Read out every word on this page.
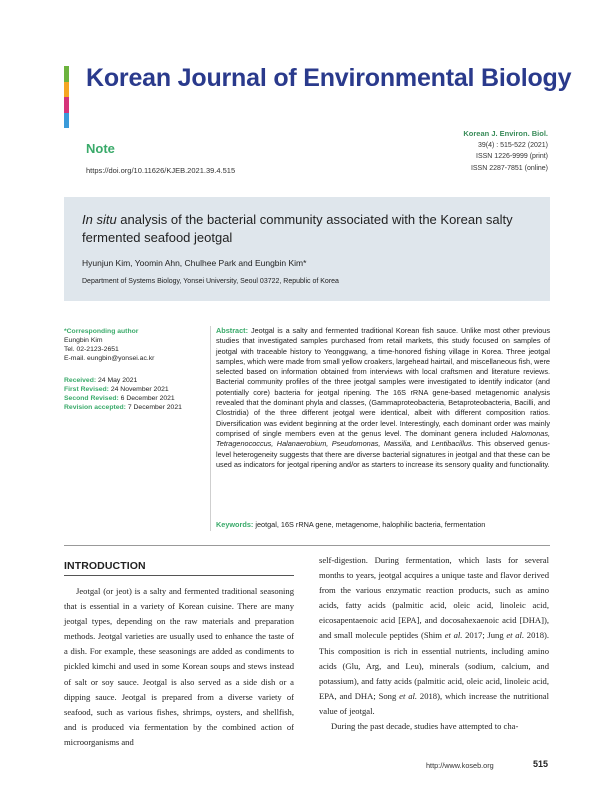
Korean Journal of Environmental Biology
Note
https://doi.org/10.11626/KJEB.2021.39.4.515
Korean J. Environ. Biol.
39(4) : 515-522 (2021)
ISSN 1226-9999 (print)
ISSN 2287-7851 (online)
In situ analysis of the bacterial community associated with the Korean salty fermented seafood jeotgal
Hyunjun Kim, Yoomin Ahn, Chulhee Park and Eungbin Kim*
Department of Systems Biology, Yonsei University, Seoul 03722, Republic of Korea
*Corresponding author
Eungbin Kim
Tel. 02-2123-2651
E-mail. eungbin@yonsei.ac.kr
Received: 24 May 2021
First Revised: 24 November 2021
Second Revised: 6 December 2021
Revision accepted: 7 December 2021
Abstract: Jeotgal is a salty and fermented traditional Korean fish sauce. Unlike most other previous studies that investigated samples purchased from retail markets, this study focused on samples of jeotgal with traceable history to Yeonggwang, a time-honored fishing village in Korea. Three jeotgal samples, which were made from small yellow croakers, largehead hairtail, and miscellaneous fish, were selected based on information obtained from interviews with local craftsmen and literature reviews. Bacterial community profiles of the three jeotgal samples were investigated to identify indicator (and potentially core) bacteria for jeotgal ripening. The 16S rRNA gene-based metagenomic analysis revealed that the dominant phyla and classes, (Gammaproteobacteria, Betaproteobacteria, Bacilli, and Clostridia) of the three different jeotgal were identical, albeit with different composition ratios. Diversification was evident beginning at the order level. Interestingly, each dominant order was mainly comprised of single members even at the genus level. The dominant genera included Halomonas, Tetragenococcus, Halanaerobium, Pseudomonas, Massilia, and Lentibacillus. This observed genus-level heterogeneity suggests that there are diverse bacterial signatures in jeotgal and that these can be used as indicators for jeotgal ripening and/or as starters to increase its sensory quality and functionality.
Keywords: jeotgal, 16S rRNA gene, metagenome, halophilic bacteria, fermentation
INTRODUCTION

Jeotgal (or jeot) is a salty and fermented traditional seasoning that is essential in a variety of Korean cuisine. There are many jeotgal types, depending on the raw materials and preparation methods. Jeotgal varieties are usually used to enhance the taste of a dish. For example, these seasonings are added as condiments to pickled kimchi and used in some Korean soups and stews instead of salt or soy sauce. Jeotgal is also served as a side dish or a dipping sauce. Jeotgal is prepared from a diverse variety of seafood, such as various fishes, shrimps, oysters, and shellfish, and is produced via fermentation by the combined action of microorganisms and

self-digestion. During fermentation, which lasts for several months to years, jeotgal acquires a unique taste and flavor derived from the various enzymatic reaction products, such as amino acids, fatty acids (palmitic acid, oleic acid, linoleic acid, eicosapentaenoic acid [EPA], and docosahexaenoic acid [DHA]), and small molecule peptides (Shim et al. 2017; Jung et al. 2018). This composition is rich in essential nutrients, including amino acids (Glu, Arg, and Leu), minerals (sodium, calcium, and potassium), and fatty acids (palmitic acid, oleic acid, linoleic acid, EPA, and DHA; Song et al. 2018), which increase the nutritional value of jeotgal.

During the past decade, studies have attempted to cha-

http://www.koseb.org	515
